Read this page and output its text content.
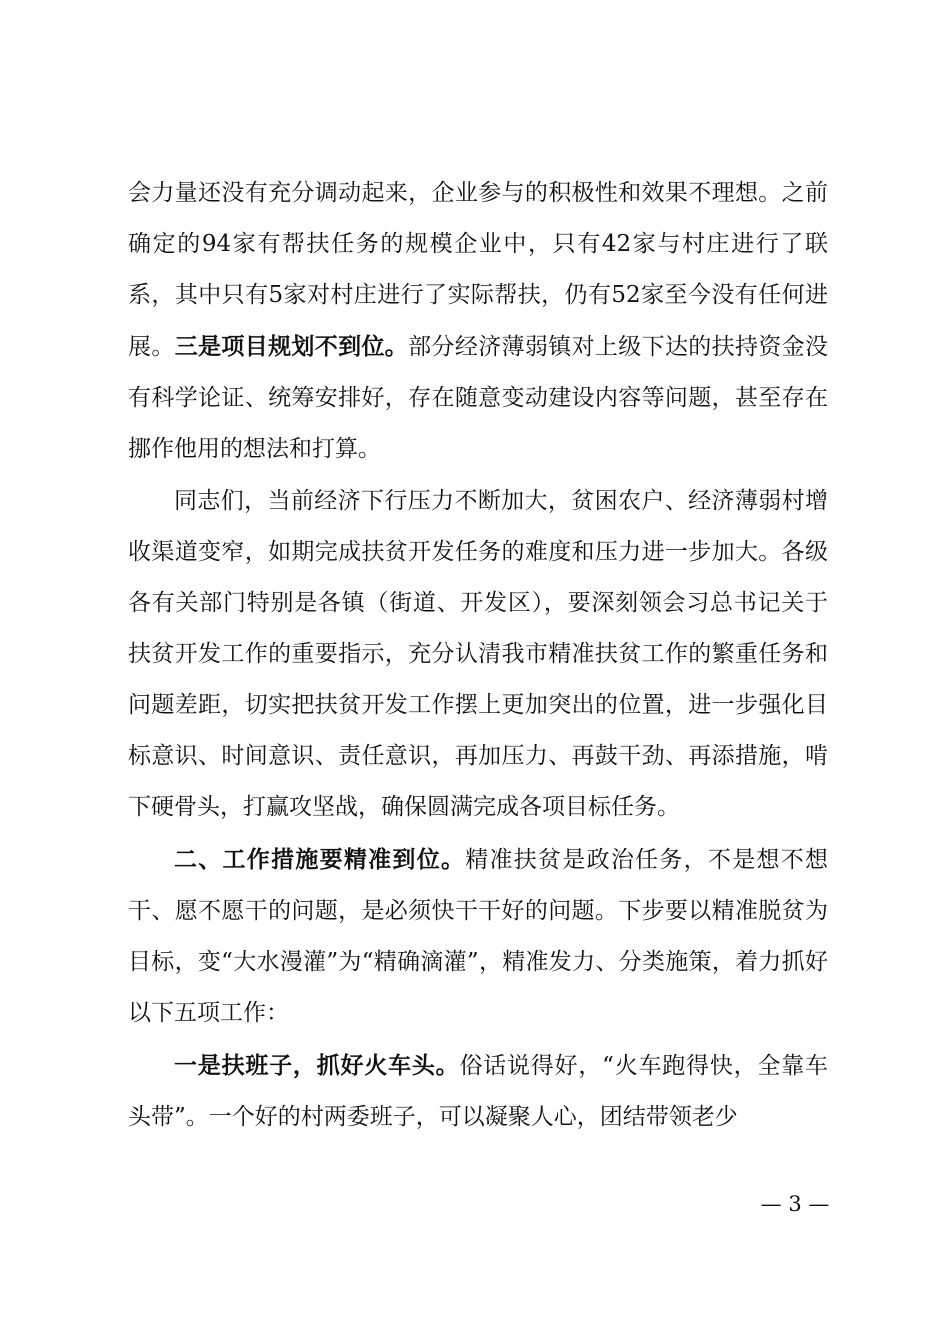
会力量还没有充分调动起来，企业参与的积极性和效果不理想。之前确定的94家有帮扶任务的规模企业中，只有42家与村庄进行了联系，其中只有5家对村庄进行了实际帮扶，仍有52家至今没有任何进展。三是项目规划不到位。部分经济薄弱镇对上级下达的扶持资金没有科学论证、统筹安排好，存在随意变动建设内容等问题，甚至存在挪作他用的想法和打算。

同志们，当前经济下行压力不断加大，贫困农户、经济薄弱村增收渠道变窄，如期完成扶贫开发任务的难度和压力进一步加大。各级各有关部门特别是各镇（街道、开发区），要深刻领会习总书记关于扶贫开发工作的重要指示，充分认清我市精准扶贫工作的繁重任务和问题差距，切实把扶贫开发工作摆上更加突出的位置，进一步强化目标意识、时间意识、责任意识，再加压力、再鼓干劲、再添措施，啃下硬骨头，打赢攻坚战，确保圆满完成各项目标任务。

二、工作措施要精准到位。精准扶贫是政治任务，不是想不想干、愿不愿干的问题，是必须快干干好的问题。下步要以精准脱贫为目标，变“大水漫灌”为“精确滴灌”，精准发力、分类施策，着力抓好以下五项工作：

一是扶班子，抓好火车头。俗话说得好，“火车跑得快，全靠车头带”。一个好的村两委班子，可以凝聚人心，团结带领老少

— 3 —
